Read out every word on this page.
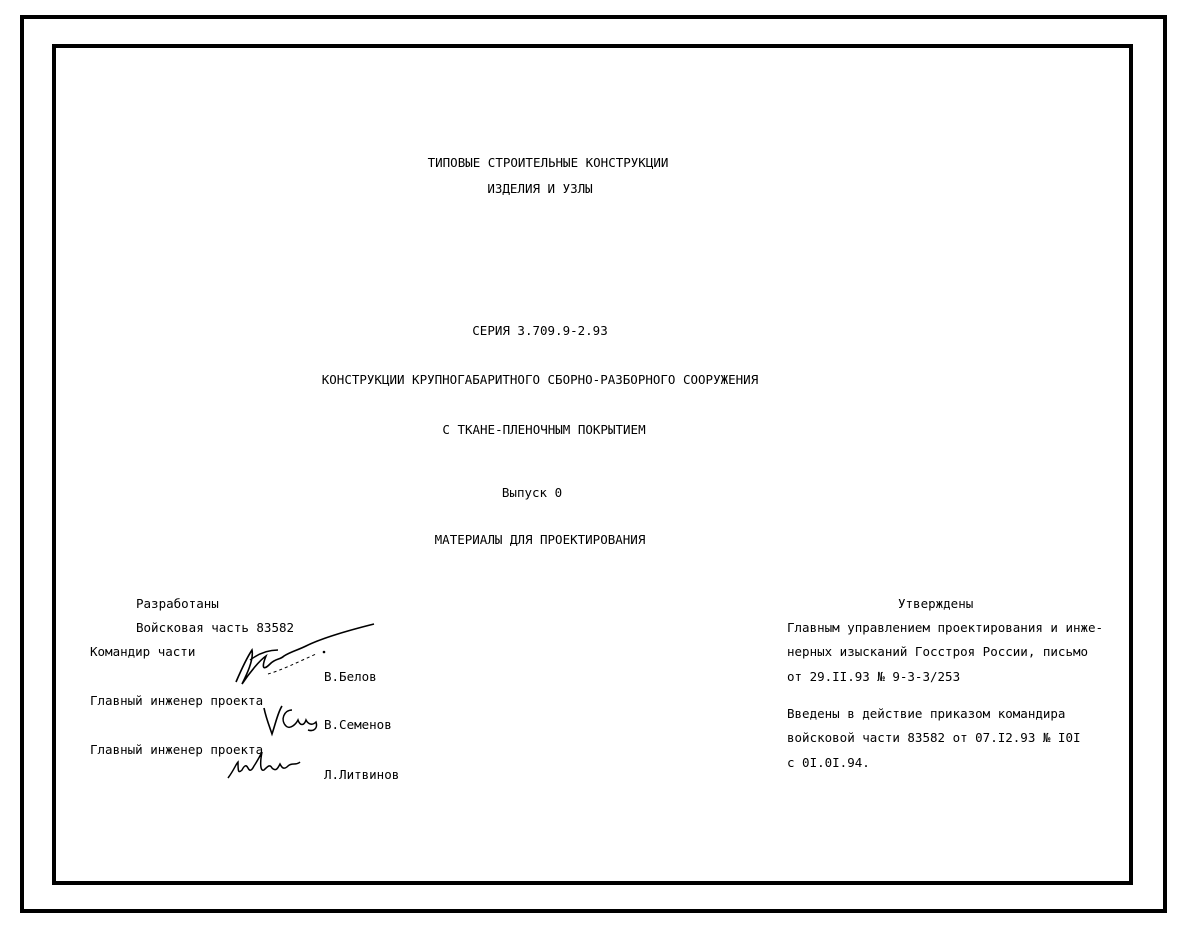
ТИПОВЫЕ СТРОИТЕЛЬНЫЕ КОНСТРУКЦИИ
ИЗДЕЛИЯ И УЗЛЫ
СЕРИЯ 3.709.9-2.93
КОНСТРУКЦИИ КРУПНОГАБАРИТНОГО СБОРНО-РАЗБОРНОГО СООРУЖЕНИЯ
С ТКАНЕ-ПЛЕНОЧНЫМ ПОКРЫТИЕМ
Выпуск 0
МАТЕРИАЛЫ ДЛЯ ПРОЕКТИРОВАНИЯ
Разработаны
Войсковая часть 83582
Командир части
В.Белов
Главный инженер проекта
В.Семенов
Главный инженер проекта
Л.Литвинов
Утверждены
Главным управлением проектирования и инже-
нерных изысканий Госстроя России, письмо
от 29.II.93 № 9-3-3/253
Введены в действие приказом командира
войсковой части 83582 от 07.I2.93 № I0I
с 0I.0I.94.
